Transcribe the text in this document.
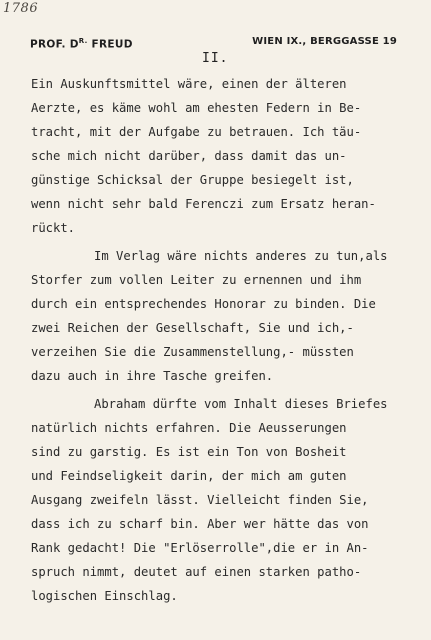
1786
PROF. $D^{R.}$ FREUD	WIEN IX., BERGGASSE 19
II.
Ein Auskunftsmittel wäre, einen der älteren
Aerzte, es käme wohl am ehesten Federn in Be-
tracht, mit der Aufgabe zu betrauen. Ich täu-
sche mich nicht darüber, dass damit das un-
günstige Schicksal der Gruppe besiegelt ist,
wenn nicht sehr bald Ferenczi zum Ersatz heran-
rückt.
Im Verlag wäre nichts anderes zu tun,als
Storfer zum vollen Leiter zu ernennen und ihm
durch ein entsprechendes Honorar zu binden. Die
zwei Reichen der Gesellschaft, Sie und ich,-
verzeihen Sie die Zusammenstellung,- müssten
dazu auch in ihre Tasche greifen.
Abraham dürfte vom Inhalt dieses Briefes
natürlich nichts erfahren. Die Aeusserungen
sind zu garstig. Es ist ein Ton von Bosheit
und Feindseligkeit darin, der mich am guten
Ausgang zweifeln lässt. Vielleicht finden Sie,
dass ich zu scharf bin. Aber wer hätte das von
Rank gedacht! Die "Erlöserrolle",die er in An-
spruch nimmt, deutet auf einen starken patho-
logischen Einschlag.
